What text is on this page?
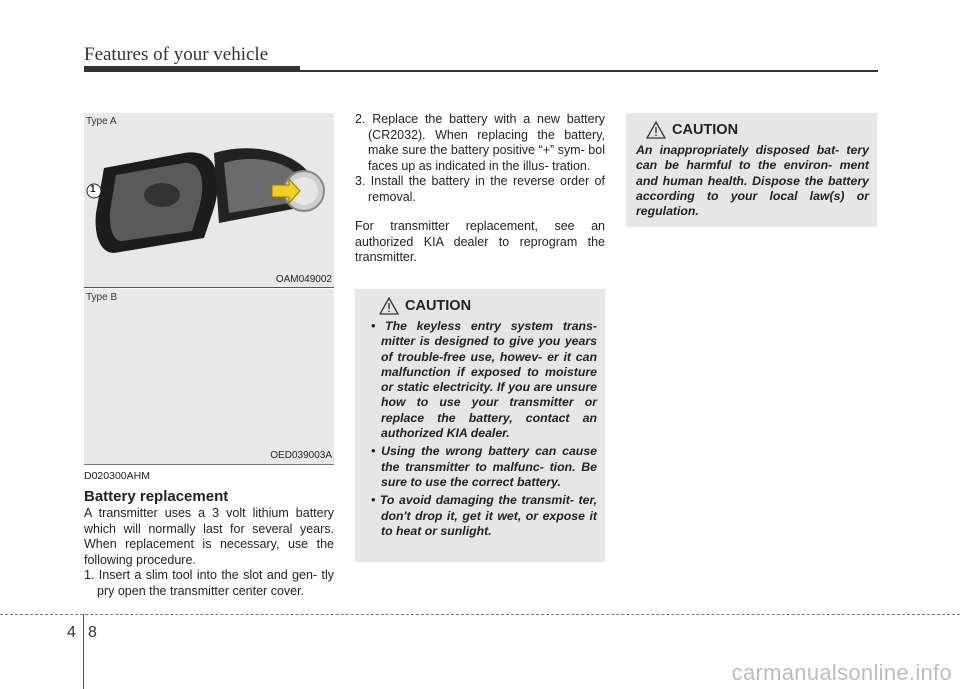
Features of your vehicle
1
Type A
OAM049002
Type B
OED039003A

D020300AHM

Battery replacement

A transmitter uses a 3 volt lithium battery which will normally last for several years. When replacement is necessary, use the following procedure.

1. Insert a slim tool into the slot and gen- tly pry open the transmitter center cover.

2. Replace the battery with a new battery (CR2032). When replacing the battery, make sure the battery positive “+” sym- bol faces up as indicated in the illus- tration.

3. Install the battery in the reverse order of removal.

For transmitter replacement, see an authorized KIA dealer to reprogram the transmitter.

CAUTION

• The keyless entry system trans- mitter is designed to give you years of trouble-free use, howev- er it can malfunction if exposed to moisture or static electricity. If you are unsure how to use your transmitter or replace the battery, contact an authorized KIA dealer.

• Using the wrong battery can cause the transmitter to malfunc- tion. Be sure to use the correct battery.

• To avoid damaging the transmit- ter, don't drop it, get it wet, or expose it to heat or sunlight.

CAUTION

An inappropriately disposed bat- tery can be harmful to the environ- ment and human health. Dispose the battery according to your local law(s) or regulation.

4 8
carmanualsonline.info
